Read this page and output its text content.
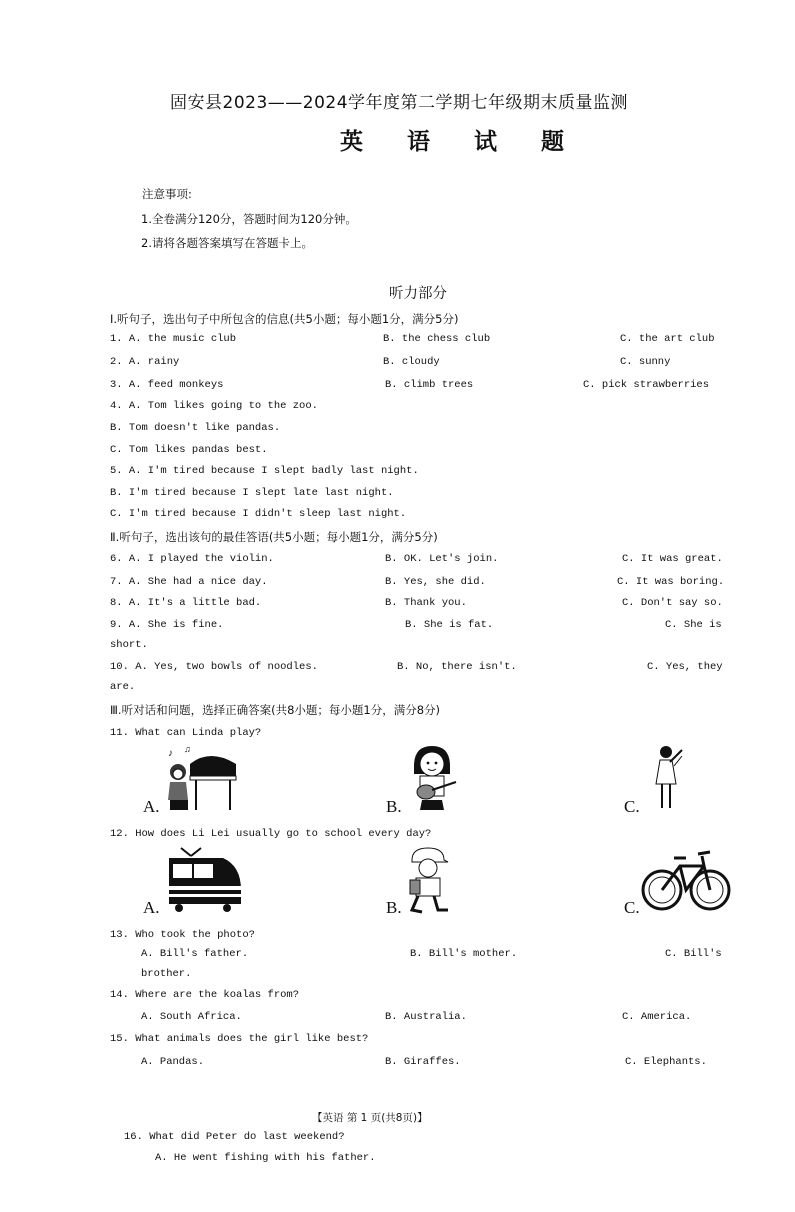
固安县2023——2024学年度第二学期七年级期末质量监测
英 语 试 题
注意事项:
1.全卷满分120分，答题时间为120分钟。
2.请将各题答案填写在答题卡上。
听力部分
Ⅰ.听句子，选出句子中所包含的信息(共5小题；每小题1分，满分5分)
1. A. the music club	B. the chess club	C. the art club
2. A. rainy	B. cloudy	C. sunny
3. A. feed monkeys	B. climb trees	C. pick strawberries
4. A. Tom likes going to the zoo.
B. Tom doesn't like pandas.
C. Tom likes pandas best.
5. A. I'm tired because I slept badly last night.
B. I'm tired because I slept late last night.
C. I'm tired because I didn't sleep last night.
Ⅱ.听句子，选出该句的最佳答语(共5小题；每小题1分，满分5分)
6. A. I played the violin.	B. OK. Let's join.	C. It was great.
7. A. She had a nice day.	B. Yes, she did.	C. It was boring.
8. A. It's a little bad.	B. Thank you.	C. Don't say so.
9. A. She is fine.	B. She is fat.	C. She is
short.
10. A. Yes, two bowls of noodles.	B. No, there isn't.	C. Yes, they
are.
Ⅲ.听对话和问题，选择正确答案(共8小题；每小题1分，满分8分)
11. What can Linda play?
A.
♪ ♫
B.	C.
12. How does Li Lei usually go to school every day?
A.	B.	C.
13. Who took the photo?
A. Bill's father.	B. Bill's mother.	C. Bill's
brother.
14. Where are the koalas from?
A. South Africa.	B. Australia.	C. America.
15. What animals does the girl like best?
A. Pandas.	B. Giraffes.	C. Elephants.
【英语 第 1 页(共8页)】
16. What did Peter do last weekend?
A. He went fishing with his father.
